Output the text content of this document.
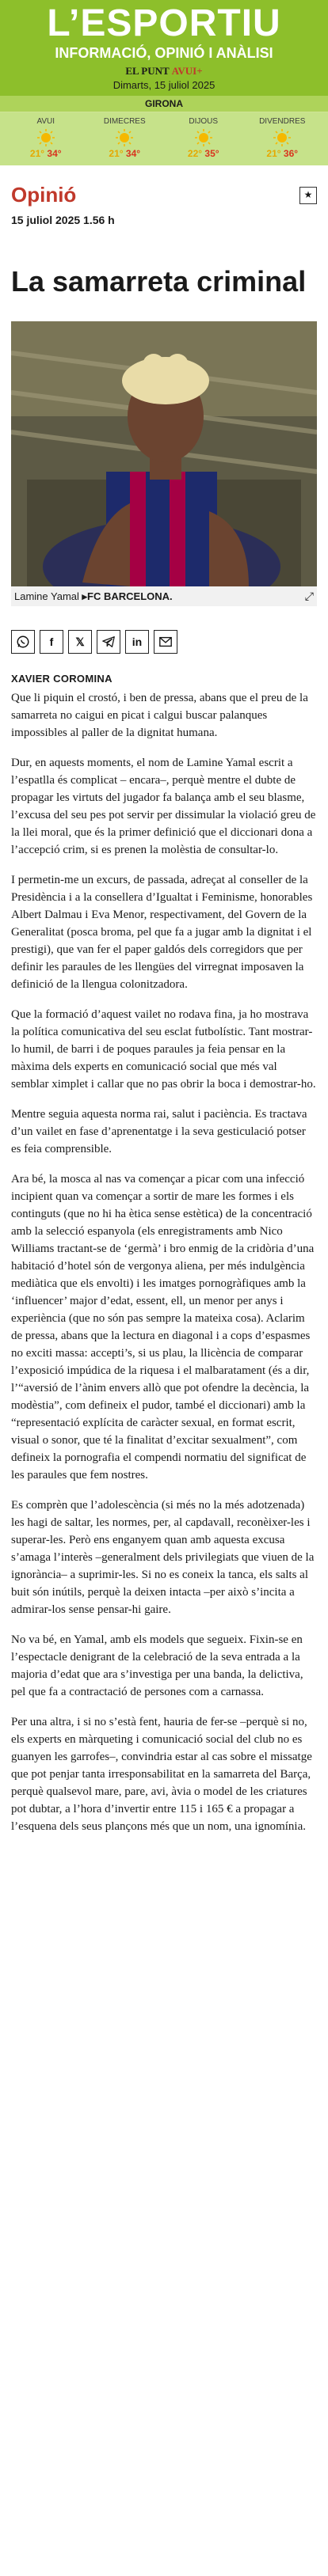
L’ESPORTIU
INFORMACIÓ, OPINIÓ I ANÀLISI
EL PUNT AVUI+
Dimarts, 15 juliol 2025
GIRONA
AVUI
21° 34°
DIMECRES
21° 34°
DIJOUS
22° 35°
DIVENDRES
21° 36°
Opinió	★
15 juliol 2025 1.56 h
La samarreta criminal
Lamine Yamal ▸FC BARCELONA.	⤢
f	𝕏	in
XAVIER COROMINA

Que li piquin el crostó, i ben de pressa, abans que el preu de la samarreta no caigui en picat i calgui buscar palanques impossibles al paller de la dignitat humana.

Dur, en aquests moments, el nom de Lamine Yamal escrit a l’espatlla és complicat – encara–, perquè mentre el dubte de propagar les virtuts del jugador fa balança amb el seu blasme, l’excusa del seu pes pot servir per dissimular la violació greu de la llei moral, que és la primer definició que el diccionari dona a l’accepció crim, si es prenen la molèstia de consultar-lo.

I permetin-me un excurs, de passada, adreçat al conseller de la Presidència i a la consellera d’Igualtat i Feminisme, honorables Albert Dalmau i Eva Menor, respectivament, del Govern de la Generalitat (posca broma, pel que fa a jugar amb la dignitat i el prestigi), que van fer el paper galdós dels corregidors que per definir les paraules de les llengües del virregnat imposaven la definició de la llengua colonitzadora.

Que la formació d’aquest vailet no rodava fina, ja ho mostrava la política comunicativa del seu esclat futbolístic. Tant mostrar-lo humil, de barri i de poques paraules ja feia pensar en la màxima dels experts en comunicació social que més val semblar ximplet i callar que no pas obrir la boca i demostrar-ho.

Mentre seguia aquesta norma rai, salut i paciència. Es tractava d’un vailet en fase d’aprenentatge i la seva gesticulació potser es feia comprensible.

Ara bé, la mosca al nas va començar a picar com una infecció incipient quan va començar a sortir de mare les formes i els continguts (que no hi ha ètica sense estètica) de la concentració amb la selecció espanyola (els enregistraments amb Nico Williams tractant-se de ‘germà’ i bro enmig de la cridòria d’una habitació d’hotel són de vergonya aliena, per més indulgència mediàtica que els envolti) i les imatges pornogràfiques amb la ‘influencer’ major d’edat, essent, ell, un menor per anys i experiència (que no són pas sempre la mateixa cosa). Aclarim de pressa, abans que la lectura en diagonal i a cops d’espasmes no exciti massa: accepti’s, si us plau, la llicència de comparar l’exposició impúdica de la riquesa i el malbaratament (és a dir, l’“aversió de l’ànim envers allò que pot ofendre la decència, la modèstia”, com defineix el pudor, també el diccionari) amb la “representació explícita de caràcter sexual, en format escrit, visual o sonor, que té la finalitat d’excitar sexualment”, com defineix la pornografia el compendi normatiu del significat de les paraules que fem nostres.

Es comprèn que l’adolescència (si més no la més adotzenada) les hagi de saltar, les normes, per, al capdavall, reconèixer-les i superar-les. Però ens enganyem quan amb aquesta excusa s’amaga l’interès –generalment dels privilegiats que viuen de la ignorància– a suprimir-les. Si no es coneix la tanca, els salts al buit són inútils, perquè la deixen intacta –per això s’incita a admirar-los sense pensar-hi gaire.

No va bé, en Yamal, amb els models que segueix. Fixin-se en l’espectacle denigrant de la celebració de la seva entrada a la majoria d’edat que ara s’investiga per una banda, la delictiva, pel que fa a contractació de persones com a carnassa.

Per una altra, i si no s’està fent, hauria de fer-se –perquè si no, els experts en màrqueting i comunicació social del club no es guanyen les garrofes–, convindria estar al cas sobre el missatge que pot penjar tanta irresponsabilitat en la samarreta del Barça, perquè qualsevol mare, pare, avi, àvia o model de les criatures pot dubtar, a l’hora d’invertir entre 115 i 165 € a propagar a l’esquena dels seus plançons més que un nom, una ignomínia.
